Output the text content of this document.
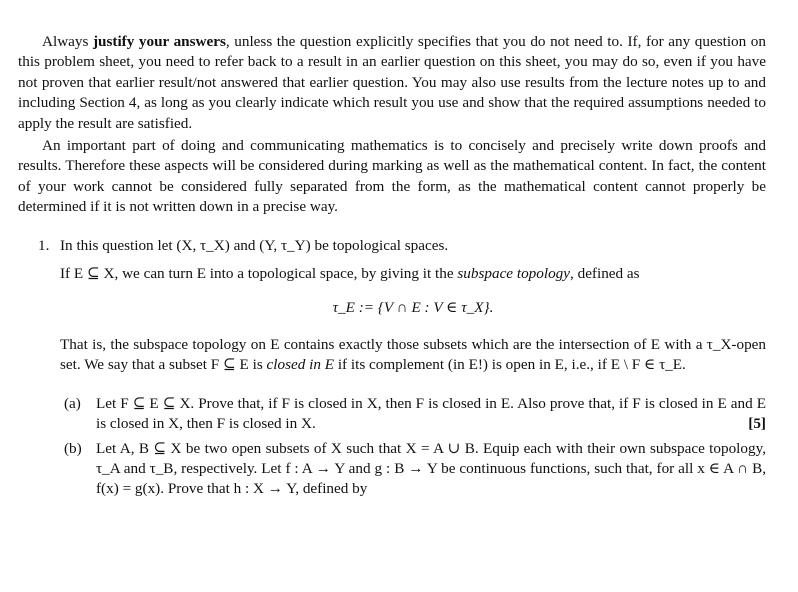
Always justify your answers, unless the question explicitly specifies that you do not need to. If, for any question on this problem sheet, you need to refer back to a result in an earlier question on this sheet, you may do so, even if you have not proven that earlier result/not answered that earlier question. You may also use results from the lecture notes up to and including Section 4, as long as you clearly indicate which result you use and show that the required assumptions needed to apply the result are satisfied.

An important part of doing and communicating mathematics is to concisely and precisely write down proofs and results. Therefore these aspects will be considered during marking as well as the mathematical content. In fact, the content of your work cannot be considered fully separated from the form, as the mathematical content cannot properly be determined if it is not written down in a precise way.

1. In this question let (X, τ_X) and (Y, τ_Y) be topological spaces.

If E ⊆ X, we can turn E into a topological space, by giving it the subspace topology, defined as

τ_E := {V ∩ E : V ∈ τ_X}.

That is, the subspace topology on E contains exactly those subsets which are the intersection of E with a τ_X-open set. We say that a subset F ⊆ E is closed in E if its complement (in E!) is open in E, i.e., if E \ F ∈ τ_E.

(a) Let F ⊆ E ⊆ X. Prove that, if F is closed in X, then F is closed in E. Also prove that, if F is closed in E and E is closed in X, then F is closed in X.	[5]
(b) Let A, B ⊆ X be two open subsets of X such that X = A ∪ B. Equip each with their own subspace topology, τ_A and τ_B, respectively. Let f : A → Y and g : B → Y be continuous functions, such that, for all x ∈ A ∩ B, f(x) = g(x). Prove that h : X → Y, defined by
